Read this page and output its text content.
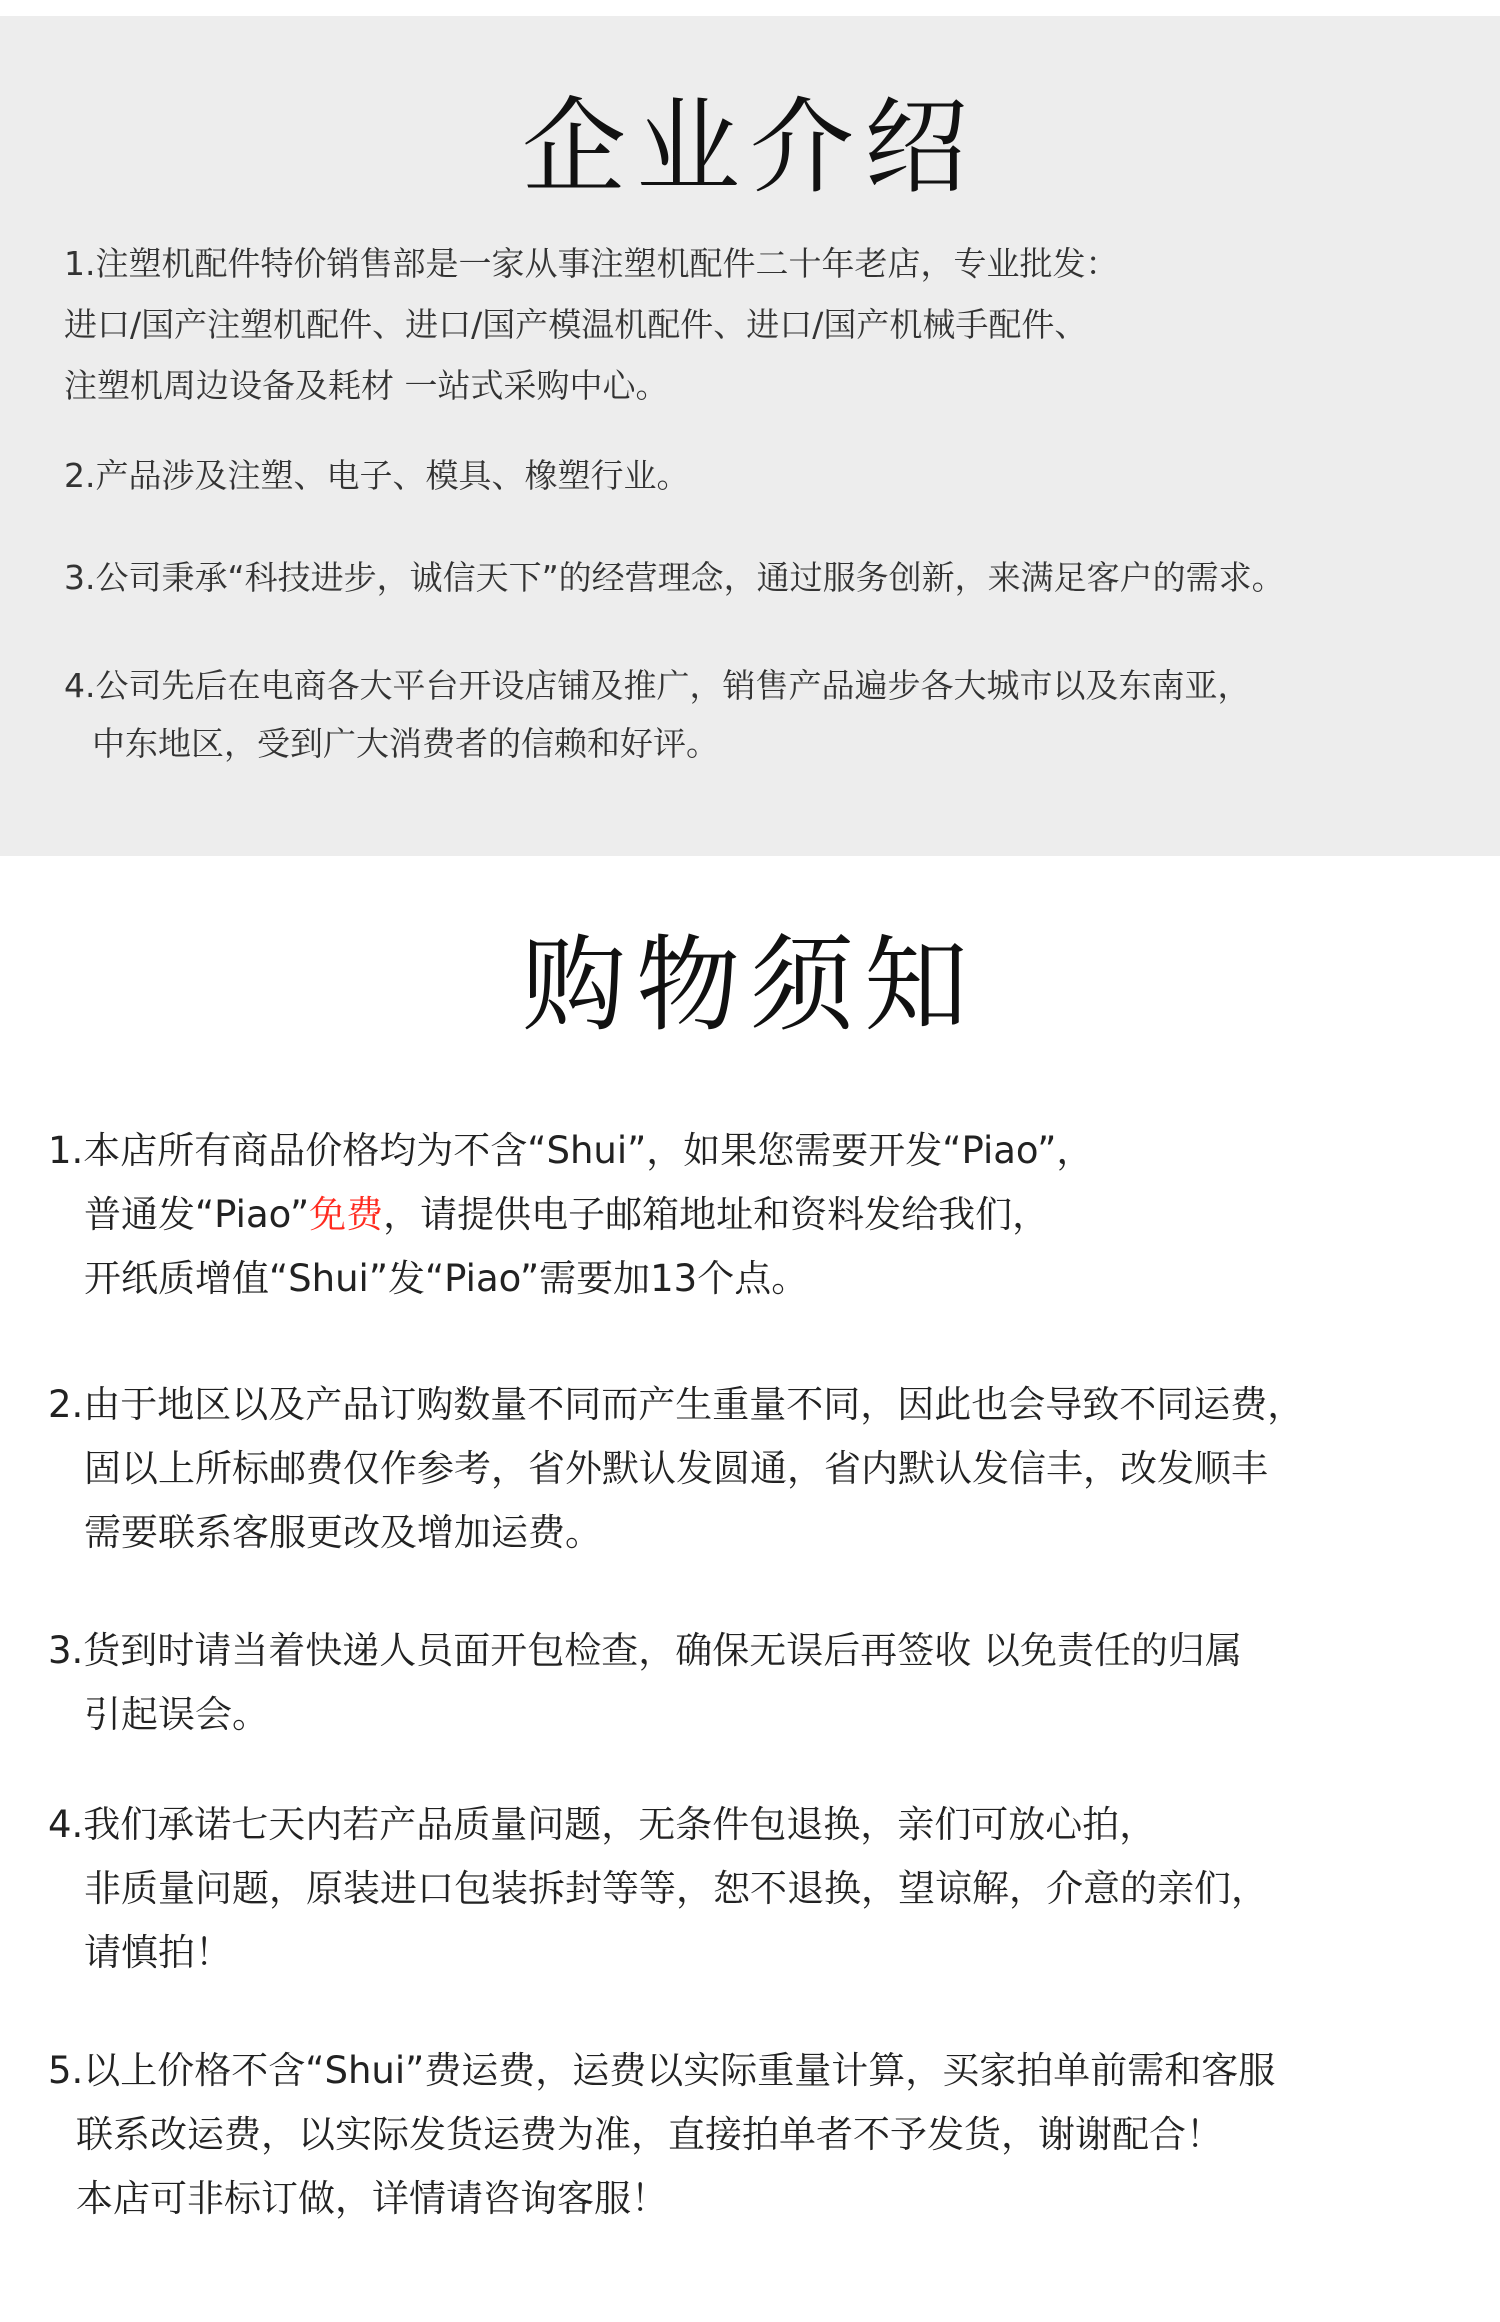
企业介绍
1.注塑机配件特价销售部是一家从事注塑机配件二十年老店，专业批发：
进口/国产注塑机配件、进口/国产模温机配件、进口/国产机械手配件、
注塑机周边设备及耗材 一站式采购中心。
2.产品涉及注塑、电子、模具、橡塑行业。
3.公司秉承“科技进步，诚信天下”的经营理念，通过服务创新，来满足客户的需求。
4.公司先后在电商各大平台开设店铺及推广，销售产品遍步各大城市以及东南亚，
中东地区，受到广大消费者的信赖和好评。
购物须知
1.本店所有商品价格均为不含“Shui”，如果您需要开发“Piao”，
普通发“Piao”免费，请提供电子邮箱地址和资料发给我们，
开纸质增值“Shui”发“Piao”需要加13个点。
2.由于地区以及产品订购数量不同而产生重量不同，因此也会导致不同运费，
固以上所标邮费仅作参考，省外默认发圆通，省内默认发信丰，改发顺丰
需要联系客服更改及增加运费。
3.货到时请当着快递人员面开包检查，确保无误后再签收 以免责任的归属
引起误会。
4.我们承诺七天内若产品质量问题，无条件包退换，亲们可放心拍，
非质量问题，原装进口包装拆封等等，恕不退换，望谅解，介意的亲们，
请慎拍！
5.以上价格不含“Shui”费运费，运费以实际重量计算，买家拍单前需和客服
联系改运费，以实际发货运费为准，直接拍单者不予发货，谢谢配合！
本店可非标订做，详情请咨询客服！
